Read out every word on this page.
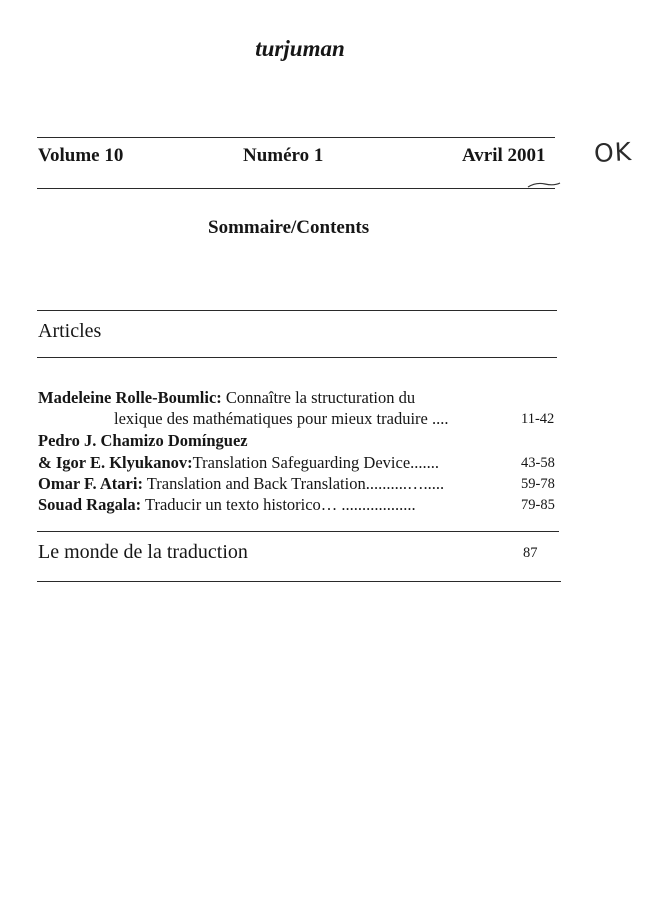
turjuman
Volume 10	Numéro 1	Avril 2001 OK
Sommaire/Contents
Articles
Madeleine Rolle-Boumlic: Connaître la structuration du
lexique des mathématiques pour mieux traduire ....	11-42
Pedro J. Chamizo Domínguez
& Igor E. Klyukanov:Translation Safeguarding Device.......	43-58
Omar F. Atari: Translation and Back Translation..........….....	59-78
Souad Ragala: Traducir un texto historico… ..................	79-85
Le monde de la traduction	87
